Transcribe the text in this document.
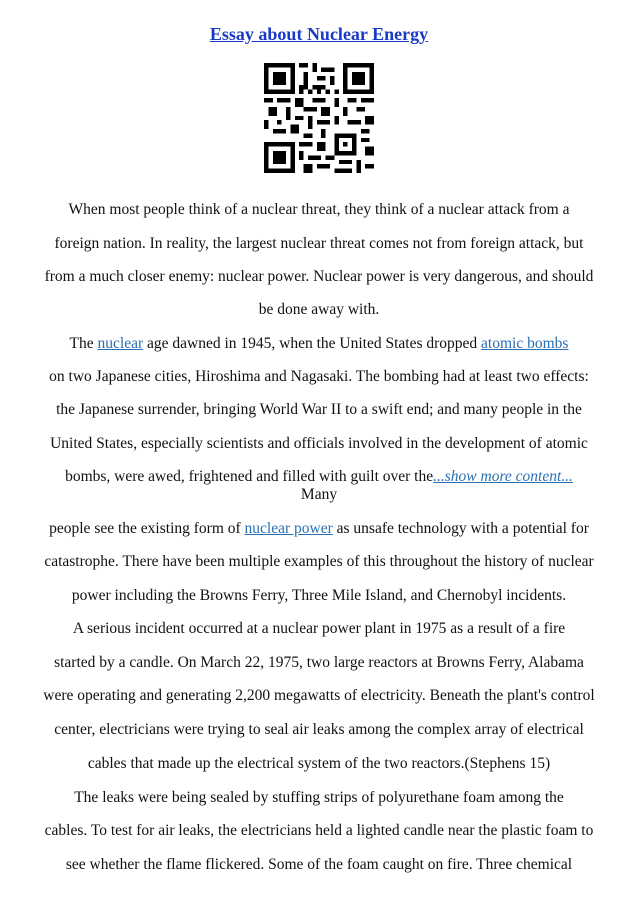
Essay about Nuclear Energy
When most people think of a nuclear threat, they think of a nuclear attack from a
foreign nation. In reality, the largest nuclear threat comes not from foreign attack, but
from a much closer enemy: nuclear power. Nuclear power is very dangerous, and should
be done away with.
The nuclear age dawned in 1945, when the United States dropped atomic bombs
on two Japanese cities, Hiroshima and Nagasaki. The bombing had at least two effects:
the Japanese surrender, bringing World War II to a swift end; and many people in the
United States, especially scientists and officials involved in the development of atomic
bombs, were awed, frightened and filled with guilt over the...show more content...
Many
people see the existing form of nuclear power as unsafe technology with a potential for
catastrophe. There have been multiple examples of this throughout the history of nuclear
power including the Browns Ferry, Three Mile Island, and Chernobyl incidents.
A serious incident occurred at a nuclear power plant in 1975 as a result of a fire
started by a candle. On March 22, 1975, two large reactors at Browns Ferry, Alabama
were operating and generating 2,200 megawatts of electricity. Beneath the plant's control
center, electricians were trying to seal air leaks among the complex array of electrical
cables that made up the electrical system of the two reactors.(Stephens 15)
The leaks were being sealed by stuffing strips of polyurethane foam among the
cables. To test for air leaks, the electricians held a lighted candle near the plastic foam to
see whether the flame flickered. Some of the foam caught on fire. Three chemical
